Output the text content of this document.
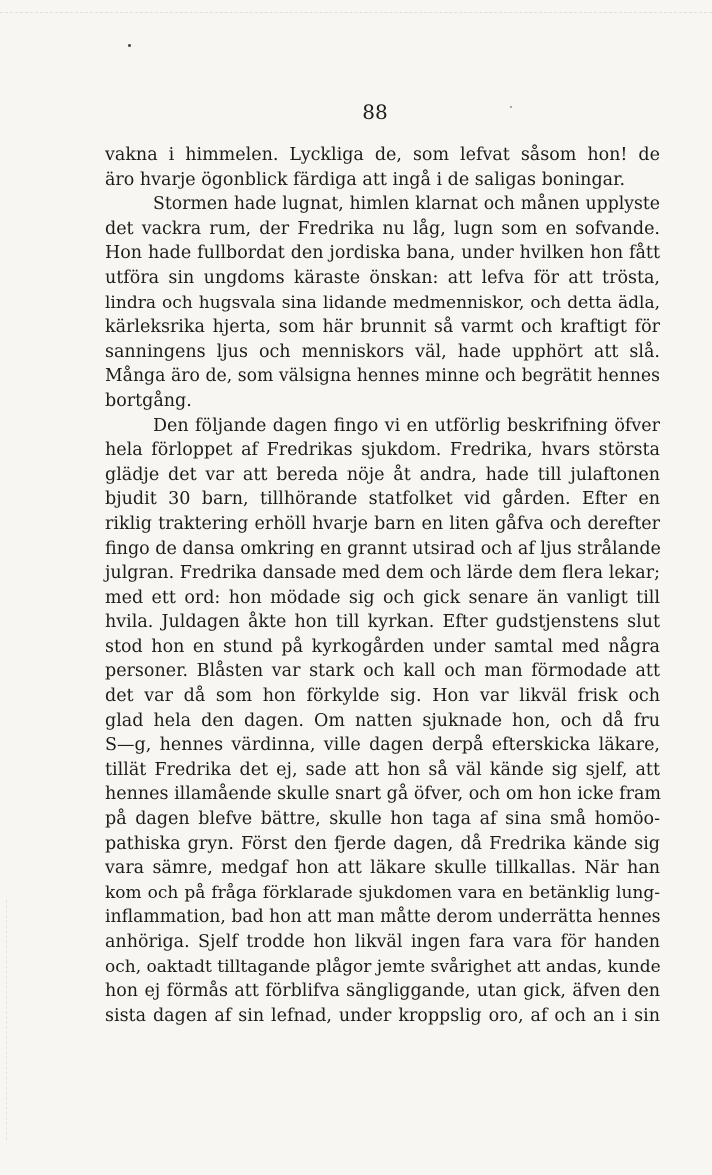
88
vakna i himmelen. Lyckliga de, som lefvat såsom hon! de
äro hvarje ögonblick färdiga att ingå i de saligas boningar.
Stormen hade lugnat, himlen klarnat och månen upplyste
det vackra rum, der Fredrika nu låg, lugn som en sofvande.
Hon hade fullbordat den jordiska bana, under hvilken hon fått
utföra sin ungdoms käraste önskan: att lefva för att trösta,
lindra och hugsvala sina lidande medmenniskor, och detta ädla,
kärleksrika hjerta, som här brunnit så varmt och kraftigt för
sanningens ljus och menniskors väl, hade upphört att slå.
Många äro de, som välsigna hennes minne och begrätit hennes
bortgång.
Den följande dagen fingo vi en utförlig beskrifning öfver
hela förloppet af Fredrikas sjukdom. Fredrika, hvars största
glädje det var att bereda nöje åt andra, hade till julaftonen
bjudit 30 barn, tillhörande statfolket vid gården. Efter en
riklig traktering erhöll hvarje barn en liten gåfva och derefter
fingo de dansa omkring en grannt utsirad och af ljus strålande
julgran. Fredrika dansade med dem och lärde dem flera lekar;
med ett ord: hon mödade sig och gick senare än vanligt till
hvila. Juldagen åkte hon till kyrkan. Efter gudstjenstens slut
stod hon en stund på kyrkogården under samtal med några
personer. Blåsten var stark och kall och man förmodade att
det var då som hon förkylde sig. Hon var likväl frisk och
glad hela den dagen. Om natten sjuknade hon, och då fru
S—g, hennes värdinna, ville dagen derpå efterskicka läkare,
tillät Fredrika det ej, sade att hon så väl kände sig sjelf, att
hennes illamående skulle snart gå öfver, och om hon icke fram
på dagen blefve bättre, skulle hon taga af sina små homöo-
pathiska gryn. Först den fjerde dagen, då Fredrika kände sig
vara sämre, medgaf hon att läkare skulle tillkallas. När han
kom och på fråga förklarade sjukdomen vara en betänklig lung-
inflammation, bad hon att man måtte derom underrätta hennes
anhöriga. Sjelf trodde hon likväl ingen fara vara för handen
och, oaktadt tilltagande plågor jemte svårighet att andas, kunde
hon ej förmås att förblifva sängliggande, utan gick, äfven den
sista dagen af sin lefnad, under kroppslig oro, af och an i sin
